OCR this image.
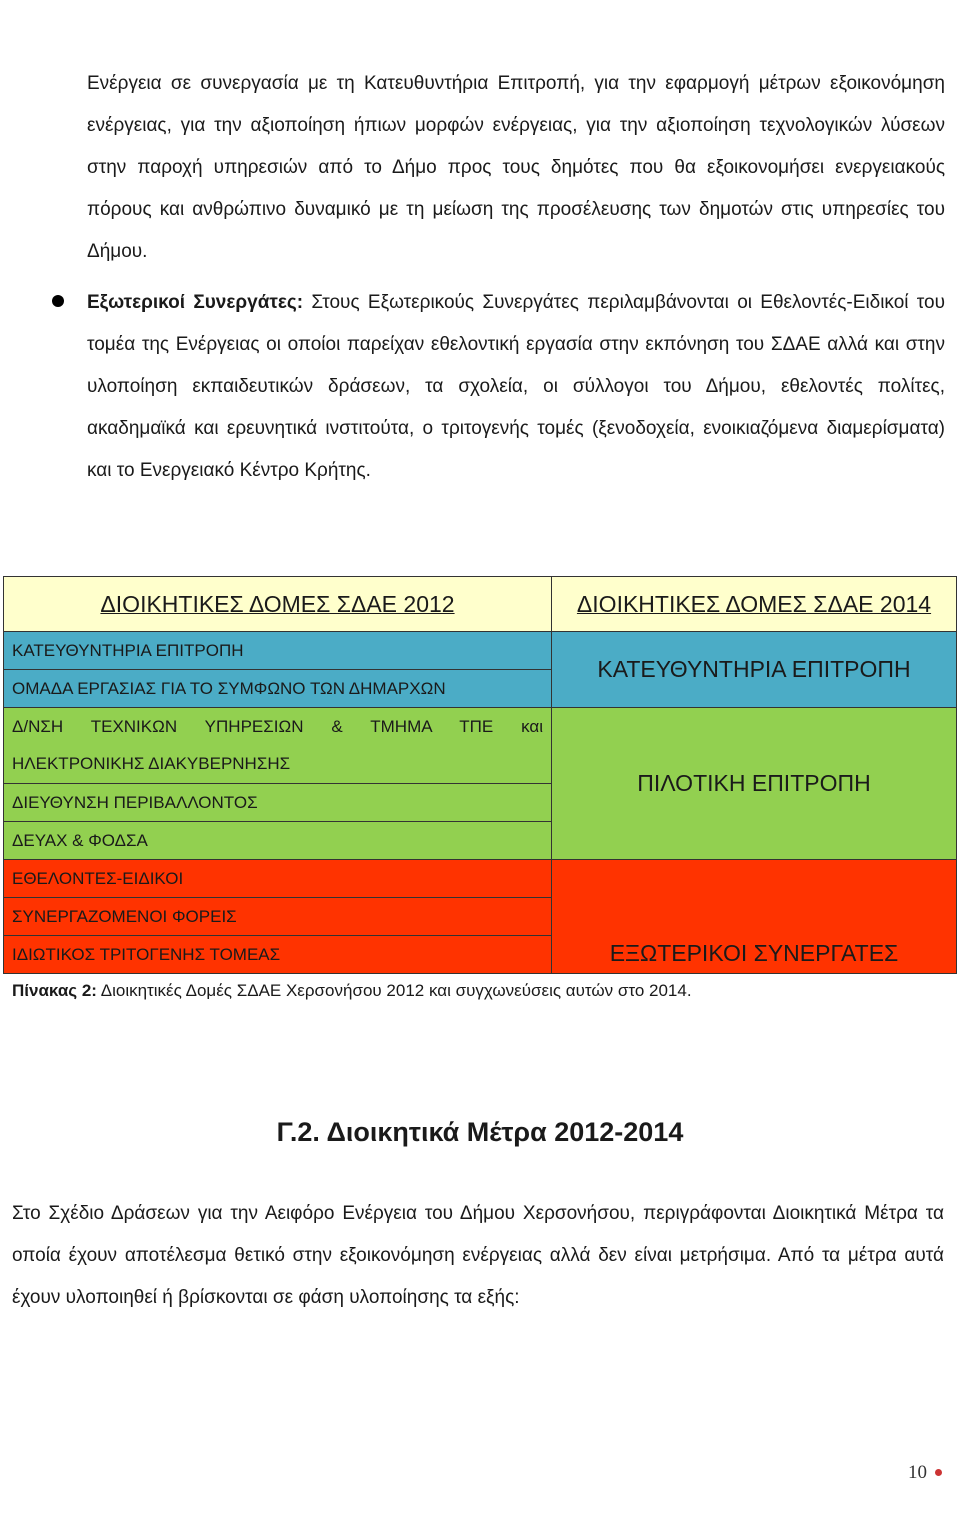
Ενέργεια σε συνεργασία με τη Κατευθυντήρια Επιτροπή, για την εφαρμογή μέτρων εξοικονόμηση ενέργειας, για την αξιοποίηση ήπιων μορφών ενέργειας, για την αξιοποίηση τεχνολογικών λύσεων στην παροχή υπηρεσιών από το Δήμο προς τους δημότες που θα εξοικονομήσει ενεργειακούς πόρους και ανθρώπινο δυναμικό με τη μείωση της προσέλευσης των δημοτών στις υπηρεσίες του Δήμου.
Εξωτερικοί Συνεργάτες: Στους Εξωτερικούς Συνεργάτες περιλαμβάνονται οι Εθελοντές-Ειδικοί του τομέα της Ενέργειας οι οποίοι παρείχαν εθελοντική εργασία στην εκπόνηση του ΣΔΑΕ αλλά και στην υλοποίηση εκπαιδευτικών δράσεων, τα σχολεία, οι σύλλογοι του Δήμου, εθελοντές πολίτες, ακαδημαϊκά και ερευνητικά ινστιτούτα, ο τριτογενής τομές (ξενοδοχεία, ενοικιαζόμενα διαμερίσματα) και το Ενεργειακό Κέντρο Κρήτης.
ΔΙΟΙΚΗΤΙΚΕΣ ΔΟΜΕΣ ΣΔΑΕ 2012	ΔΙΟΙΚΗΤΙΚΕΣ ΔΟΜΕΣ ΣΔΑΕ 2014
ΚΑΤΕΥΘΥΝΤΗΡΙΑ ΕΠΙΤΡΟΠΗ	ΚΑΤΕΥΘΥΝΤΗΡΙΑ ΕΠΙΤΡΟΠΗ
ΟΜΑΔΑ ΕΡΓΑΣΙΑΣ ΓΙΑ ΤΟ ΣΥΜΦΩΝΟ ΤΩΝ ΔΗΜΑΡΧΩΝ	
Δ/ΝΣΗ ΤΕΧΝΙΚΩΝ ΥΠΗΡΕΣΙΩΝ & ΤΜΗΜΑ ΤΠΕ και	ΠΙΛΟΤΙΚΗ ΕΠΙΤΡΟΠΗ
ΗΛΕΚΤΡΟΝΙΚΗΣ ΔΙΑΚΥΒΕΡΝΗΣΗΣ	
ΔΙΕΥΘΥΝΣΗ ΠΕΡΙΒΑΛΛΟΝΤΟΣ	
ΔΕΥΑΧ & ΦΟΔΣΑ	
ΕΘΕΛΟΝΤΕΣ-ΕΙΔΙΚΟΙ	ΕΞΩΤΕΡΙΚΟΙ ΣΥΝΕΡΓΑΤΕΣ
ΣΥΝΕΡΓΑΖΟΜΕΝΟΙ ΦΟΡΕΙΣ	
ΙΔΙΩΤΙΚΟΣ ΤΡΙΤΟΓΕΝΗΣ ΤΟΜΕΑΣ	
Πίνακας 2: Διοικητικές Δομές ΣΔΑΕ Χερσονήσου 2012 και συγχωνεύσεις αυτών στο 2014.
Γ.2. Διοικητικά Μέτρα 2012-2014
Στο Σχέδιο Δράσεων για την Αειφόρο Ενέργεια του Δήμου Χερσονήσου, περιγράφονται Διοικητικά Μέτρα τα οποία έχουν αποτέλεσμα θετικό στην εξοικονόμηση ενέργειας αλλά δεν είναι μετρήσιμα. Από τα μέτρα αυτά έχουν υλοποιηθεί ή βρίσκονται σε φάση υλοποίησης τα εξής:
10
